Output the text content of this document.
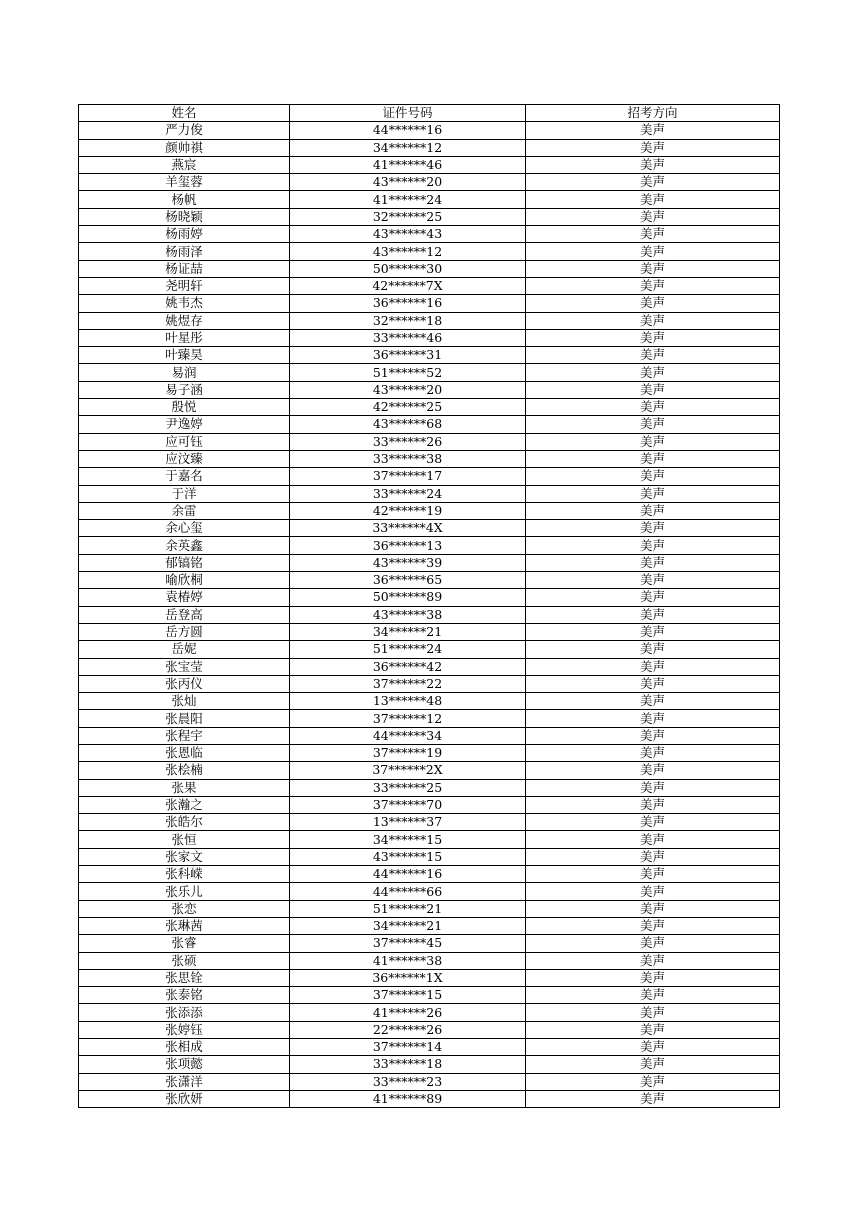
姓名	证件号码	招考方向
严力俊	44******16	美声
颜帅祺	34******12	美声
燕宸	41******46	美声
羊玺蓉	43******20	美声
杨帆	41******24	美声
杨晓颖	32******25	美声
杨雨婷	43******43	美声
杨雨泽	43******12	美声
杨证喆	50******30	美声
尧明轩	42******7X	美声
姚韦杰	36******16	美声
姚煜存	32******18	美声
叶星彤	33******46	美声
叶臻昊	36******31	美声
易润	51******52	美声
易子涵	43******20	美声
殷悦	42******25	美声
尹逸婷	43******68	美声
应可钰	33******26	美声
应汶臻	33******38	美声
于嘉名	37******17	美声
于洋	33******24	美声
余雷	42******19	美声
余心玺	33******4X	美声
余英鑫	36******13	美声
郁镐铭	43******39	美声
喻欣桐	36******65	美声
袁椿婷	50******89	美声
岳登高	43******38	美声
岳方圆	34******21	美声
岳妮	51******24	美声
张宝莹	36******42	美声
张丙仪	37******22	美声
张灿	13******48	美声
张晨阳	37******12	美声
张程宇	44******34	美声
张恩临	37******19	美声
张桧楠	37******2X	美声
张果	33******25	美声
张瀚之	37******70	美声
张皓尔	13******37	美声
张恒	34******15	美声
张家文	43******15	美声
张科嵘	44******16	美声
张乐儿	44******66	美声
张恋	51******21	美声
张琳茜	34******21	美声
张睿	37******45	美声
张硕	41******38	美声
张思铨	36******1X	美声
张泰铭	37******15	美声
张添添	41******26	美声
张婷钰	22******26	美声
张相成	37******14	美声
张项懿	33******18	美声
张潇洋	33******23	美声
张欣妍	41******89	美声
